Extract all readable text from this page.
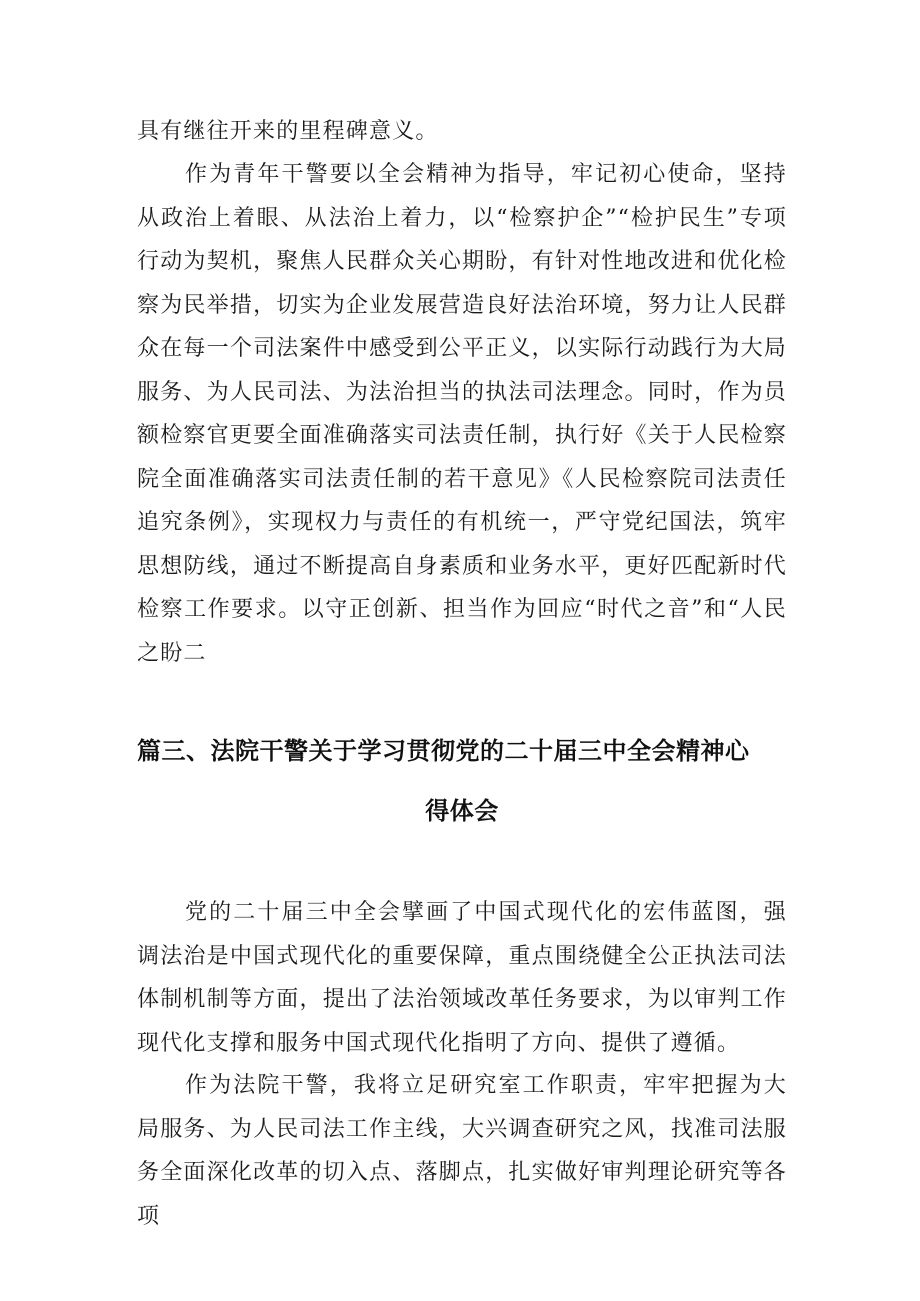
具有继往开来的里程碑意义。

作为青年干警要以全会精神为指导，牢记初心使命，坚持从政治上着眼、从法治上着力，以“检察护企”“检护民生”专项行动为契机，聚焦人民群众关心期盼，有针对性地改进和优化检察为民举措，切实为企业发展营造良好法治环境，努力让人民群众在每一个司法案件中感受到公平正义，以实际行动践行为大局服务、为人民司法、为法治担当的执法司法理念。同时，作为员额检察官更要全面准确落实司法责任制，执行好《关于人民检察院全面准确落实司法责任制的若干意见》《人民检察院司法责任追究条例》，实现权力与责任的有机统一，严守党纪国法，筑牢思想防线，通过不断提高自身素质和业务水平，更好匹配新时代检察工作要求。以守正创新、担当作为回应“时代之音”和“人民之盼二

篇三、法院干警关于学习贯彻党的二十届三中全会精神心
得体会

党的二十届三中全会擘画了中国式现代化的宏伟蓝图，强调法治是中国式现代化的重要保障，重点围绕健全公正执法司法体制机制等方面，提出了法治领域改革任务要求，为以审判工作现代化支撑和服务中国式现代化指明了方向、提供了遵循。

作为法院干警，我将立足研究室工作职责，牢牢把握为大局服务、为人民司法工作主线，大兴调查研究之风，找准司法服务全面深化改革的切入点、落脚点，扎实做好审判理论研究等各项
